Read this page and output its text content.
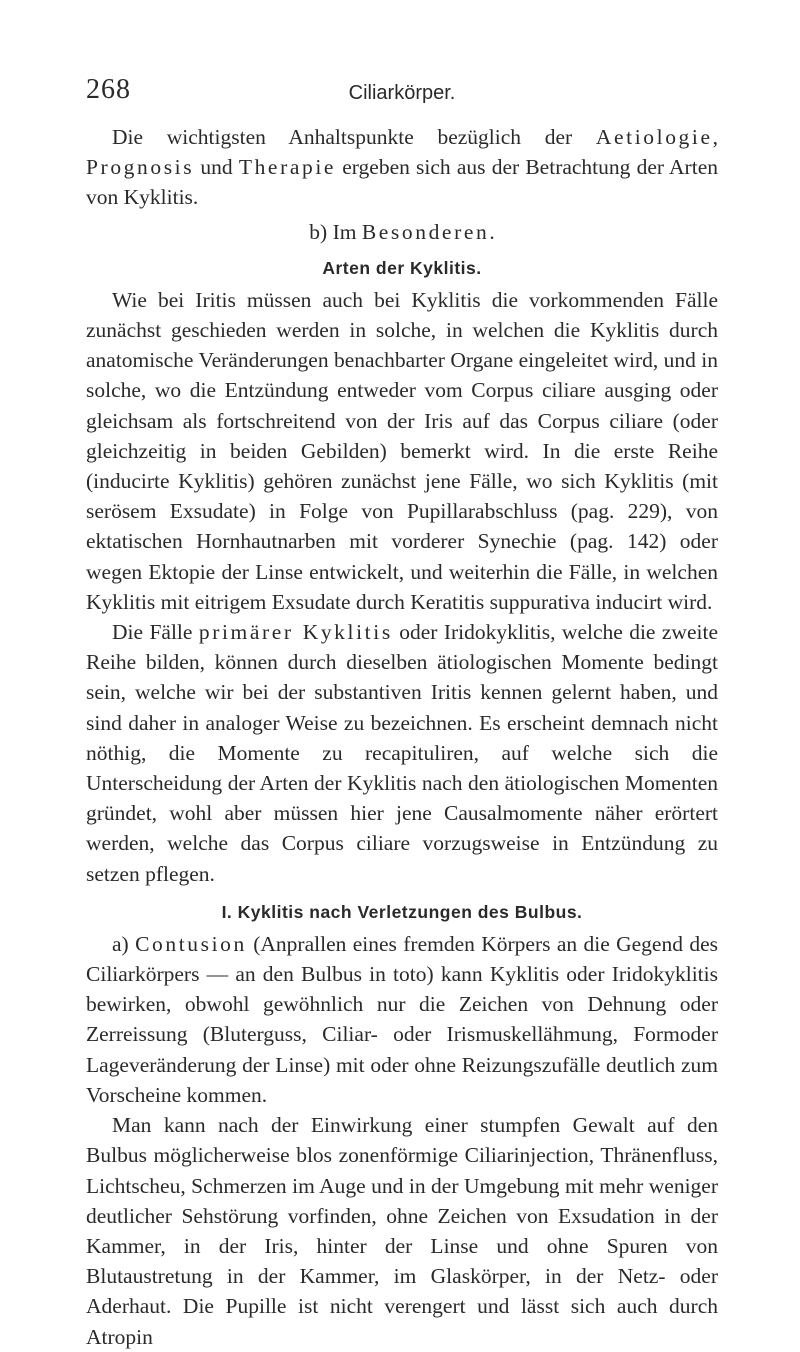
268	Ciliarkörper.

Die wichtigsten Anhaltspunkte bezüglich der Aetiologie, Prognosis und Therapie ergeben sich aus der Betrachtung der Arten von Kyklitis.

b) Im Besonderen.

Arten der Kyklitis.

Wie bei Iritis müssen auch bei Kyklitis die vorkommenden Fälle zunächst geschieden werden in solche, in welchen die Kyklitis durch anatomische Veränderungen benachbarter Organe eingeleitet wird, und in solche, wo die Entzündung entweder vom Corpus ciliare ausging oder gleichsam als fortschreitend von der Iris auf das Corpus ciliare (oder gleichzeitig in beiden Gebilden) bemerkt wird. In die erste Reihe (inducirte Kyklitis) gehören zunächst jene Fälle, wo sich Kyklitis (mit serösem Exsudate) in Folge von Pupillarabschluss (pag. 229), von ektatischen Hornhautnarben mit vorderer Synechie (pag. 142) oder wegen Ektopie der Linse entwickelt, und weiterhin die Fälle, in welchen Kyklitis mit eitrigem Exsudate durch Keratitis suppurativa inducirt wird.

Die Fälle primärer Kyklitis oder Iridokyklitis, welche die zweite Reihe bilden, können durch dieselben ätiologischen Momente bedingt sein, welche wir bei der substantiven Iritis kennen gelernt haben, und sind daher in analoger Weise zu bezeichnen. Es erscheint demnach nicht nöthig, die Momente zu recapituliren, auf welche sich die Unterscheidung der Arten der Kyklitis nach den ätiologischen Momenten gründet, wohl aber müssen hier jene Causalmomente näher erörtert werden, welche das Corpus ciliare vorzugsweise in Entzündung zu setzen pflegen.

I. Kyklitis nach Verletzungen des Bulbus.

a) Contusion (Anprallen eines fremden Körpers an die Gegend des Ciliarkörpers — an den Bulbus in toto) kann Kyklitis oder Iridokyklitis bewirken, obwohl gewöhnlich nur die Zeichen von Dehnung oder Zerreissung (Bluterguss, Ciliar- oder Irismuskellähmung, Formoder Lageveränderung der Linse) mit oder ohne Reizungszufälle deutlich zum Vorscheine kommen.

Man kann nach der Einwirkung einer stumpfen Gewalt auf den Bulbus möglicherweise blos zonenförmige Ciliarinjection, Thränenfluss, Lichtscheu, Schmerzen im Auge und in der Umgebung mit mehr weniger deutlicher Sehstörung vorfinden, ohne Zeichen von Exsudation in der Kammer, in der Iris, hinter der Linse und ohne Spuren von Blutaustretung in der Kammer, im Glaskörper, in der Netz- oder Aderhaut. Die Pupille ist nicht verengert und lässt sich auch durch Atropin
